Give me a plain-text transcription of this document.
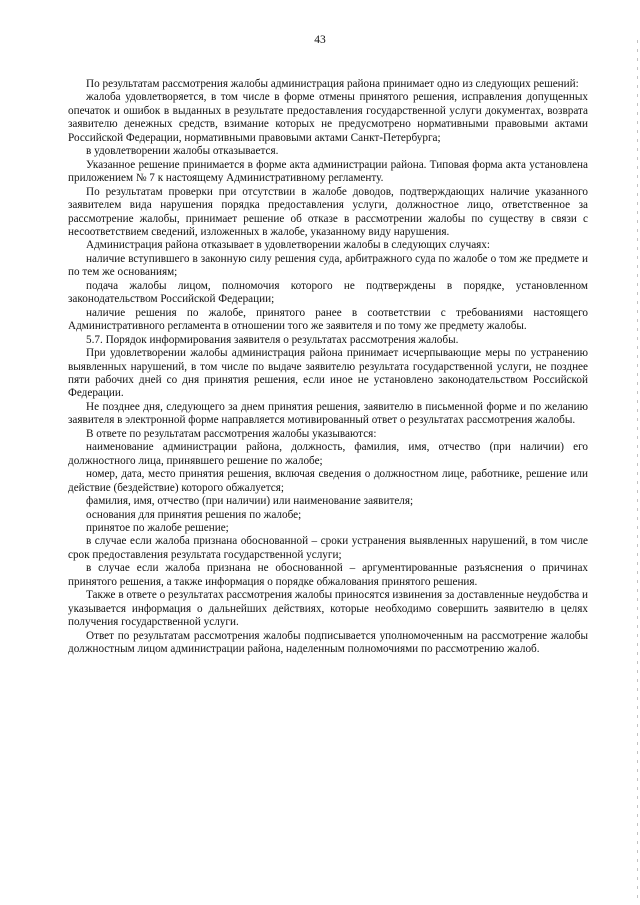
43

По результатам рассмотрения жалобы администрация района принимает одно из следующих решений:

жалоба удовлетворяется, в том числе в форме отмены принятого решения, исправления допущенных опечаток и ошибок в выданных в результате предоставления государственной услуги документах, возврата заявителю денежных средств, взимание которых не предусмотрено нормативными правовыми актами Российской Федерации, нормативными правовыми актами Санкт-Петербурга;

в удовлетворении жалобы отказывается.

Указанное решение принимается в форме акта администрации района. Типовая форма акта установлена приложением № 7 к настоящему Административному регламенту.

По результатам проверки при отсутствии в жалобе доводов, подтверждающих наличие указанного заявителем вида нарушения порядка предоставления услуги, должностное лицо, ответственное за рассмотрение жалобы, принимает решение об отказе в рассмотрении жалобы по существу в связи с несоответствием сведений, изложенных в жалобе, указанному виду нарушения.

Администрация района отказывает в удовлетворении жалобы в следующих случаях:

наличие вступившего в законную силу решения суда, арбитражного суда по жалобе о том же предмете и по тем же основаниям;

подача жалобы лицом, полномочия которого не подтверждены в порядке, установленном законодательством Российской Федерации;

наличие решения по жалобе, принятого ранее в соответствии с требованиями настоящего Административного регламента в отношении того же заявителя и по тому же предмету жалобы.

5.7. Порядок информирования заявителя о результатах рассмотрения жалобы.

При удовлетворении жалобы администрация района принимает исчерпывающие меры по устранению выявленных нарушений, в том числе по выдаче заявителю результата государственной услуги, не позднее пяти рабочих дней со дня принятия решения, если иное не установлено законодательством Российской Федерации.

Не позднее дня, следующего за днем принятия решения, заявителю в письменной форме и по желанию заявителя в электронной форме направляется мотивированный ответ о результатах рассмотрения жалобы.

В ответе по результатам рассмотрения жалобы указываются:

наименование администрации района, должность, фамилия, имя, отчество (при наличии) его должностного лица, принявшего решение по жалобе;

номер, дата, место принятия решения, включая сведения о должностном лице, работнике, решение или действие (бездействие) которого обжалуется;

фамилия, имя, отчество (при наличии) или наименование заявителя;

основания для принятия решения по жалобе;

принятое по жалобе решение;

в случае если жалоба признана обоснованной – сроки устранения выявленных нарушений, в том числе срок предоставления результата государственной услуги;

в случае если жалоба признана не обоснованной – аргументированные разъяснения о причинах принятого решения, а также информация о порядке обжалования принятого решения.

Также в ответе о результатах рассмотрения жалобы приносятся извинения за доставленные неудобства и указывается информация о дальнейших действиях, которые необходимо совершить заявителю в целях получения государственной услуги.

Ответ по результатам рассмотрения жалобы подписывается уполномоченным на рассмотрение жалобы должностным лицом администрации района, наделенным полномочиями по рассмотрению жалоб.
